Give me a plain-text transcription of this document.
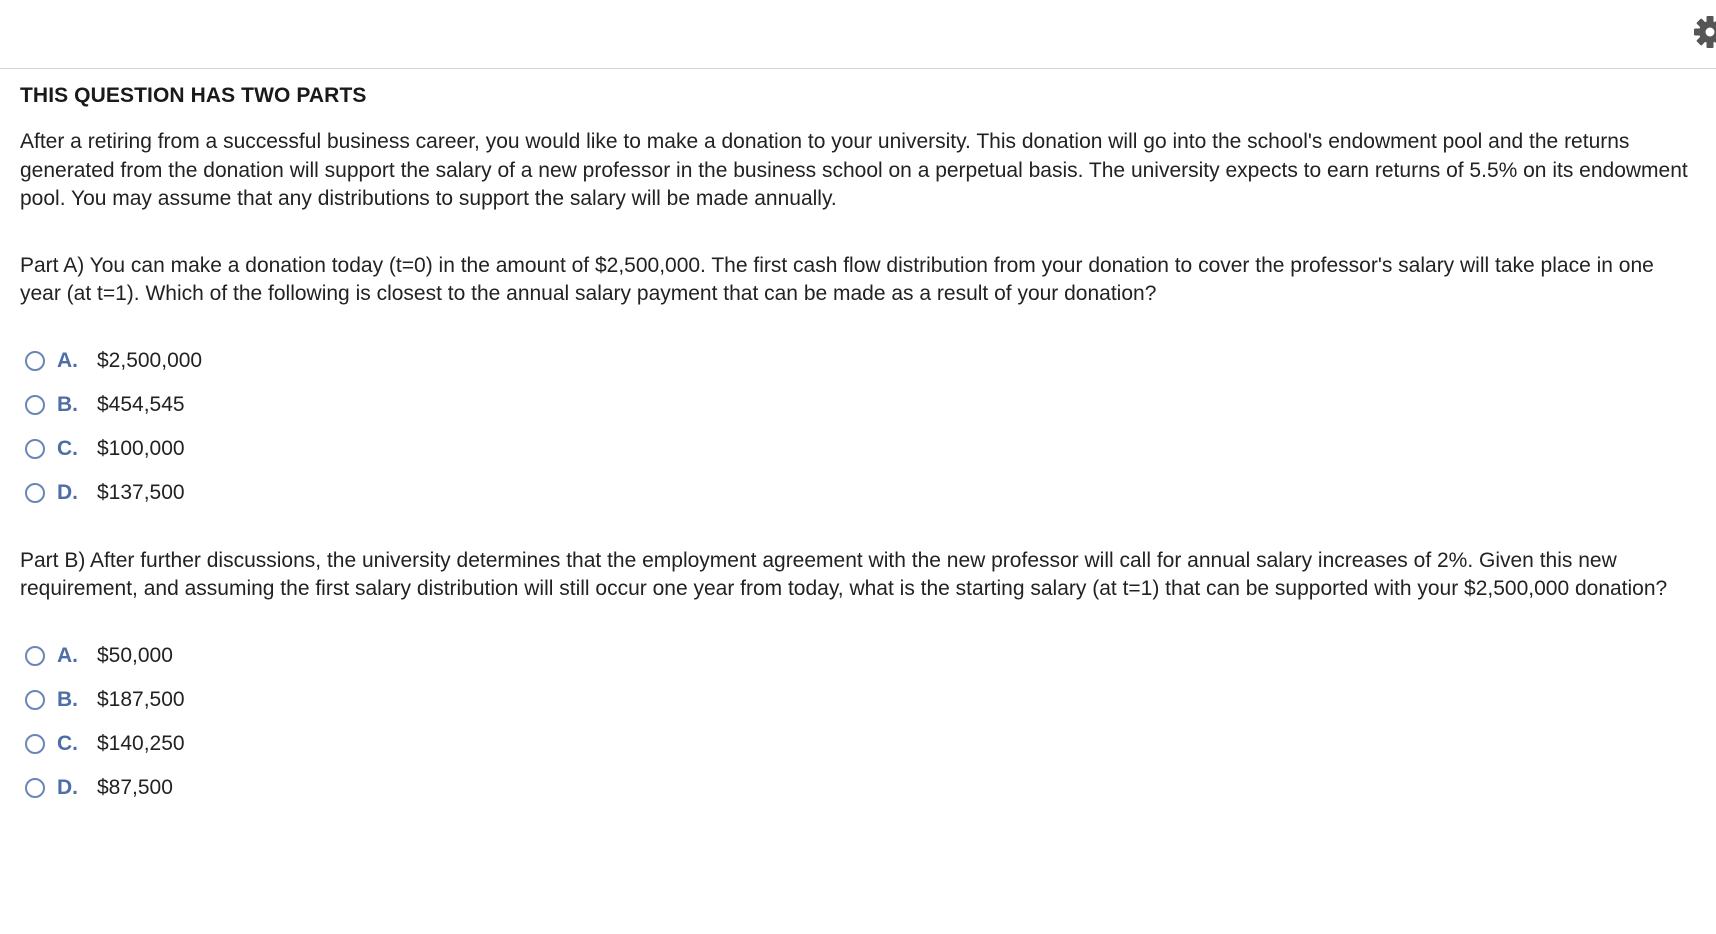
THIS QUESTION HAS TWO PARTS

After a retiring from a successful business career, you would like to make a donation to your university. This donation will go into the school's endowment pool and the returns generated from the donation will support the salary of a new professor in the business school on a perpetual basis. The university expects to earn returns of 5.5% on its endowment pool. You may assume that any distributions to support the salary will be made annually.

Part A) You can make a donation today (t=0) in the amount of $2,500,000. The first cash flow distribution from your donation to cover the professor's salary will take place in one year (at t=1). Which of the following is closest to the annual salary payment that can be made as a result of your donation?

A. $2,500,000
B. $454,545
C. $100,000
D. $137,500

Part B) After further discussions, the university determines that the employment agreement with the new professor will call for annual salary increases of 2%. Given this new requirement, and assuming the first salary distribution will still occur one year from today, what is the starting salary (at t=1) that can be supported with your $2,500,000 donation?

A. $50,000
B. $187,500
C. $140,250
D. $87,500
